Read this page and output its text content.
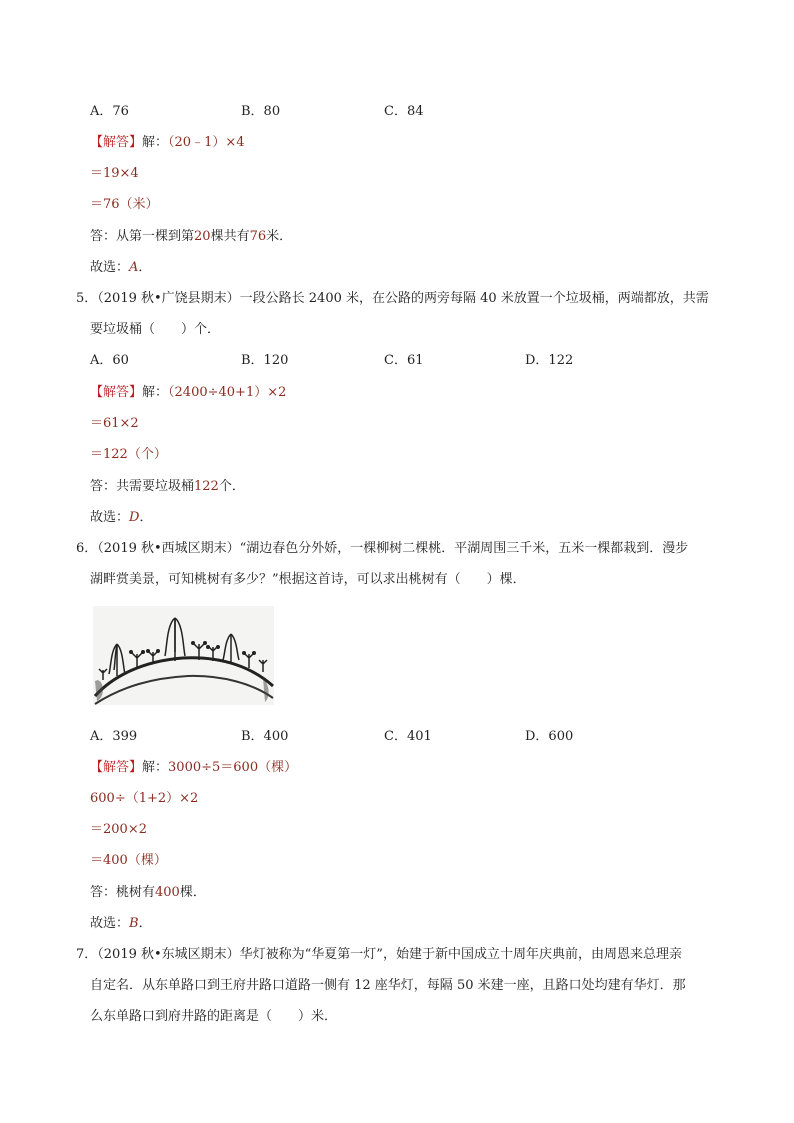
A．76	B．80	C．84
【解答】解：（20﹣1）×4
＝19×4
＝76（米）
答：从第一棵到第20棵共有76米．
故选：A．
5．（2019 秋•广饶县期末）一段公路长 2400 米，在公路的两旁每隔 40 米放置一个垃圾桶，两端都放，共需
要垃圾桶（　　）个．
A．60	B．120	C．61	D．122
【解答】解：（2400÷40+1）×2
＝61×2
＝122（个）
答：共需要垃圾桶122个．
故选：D．
6．（2019 秋•西城区期末）“湖边春色分外娇，一棵柳树二棵桃．平湖周围三千米，五米一棵都栽到．漫步
湖畔赏美景，可知桃树有多少？”根据这首诗，可以求出桃树有（　　）棵．
A．399	B．400	C．401	D．600
【解答】解：3000÷5＝600（棵）
600÷（1+2）×2
＝200×2
＝400（棵）
答：桃树有400棵．
故选：B．
7．（2019 秋•东城区期末）华灯被称为“华夏第一灯”，始建于新中国成立十周年庆典前，由周恩来总理亲
自定名．从东单路口到王府井路口道路一侧有 12 座华灯，每隔 50 米建一座，且路口处均建有华灯．那
么东单路口到府井路的距离是（　　）米．
